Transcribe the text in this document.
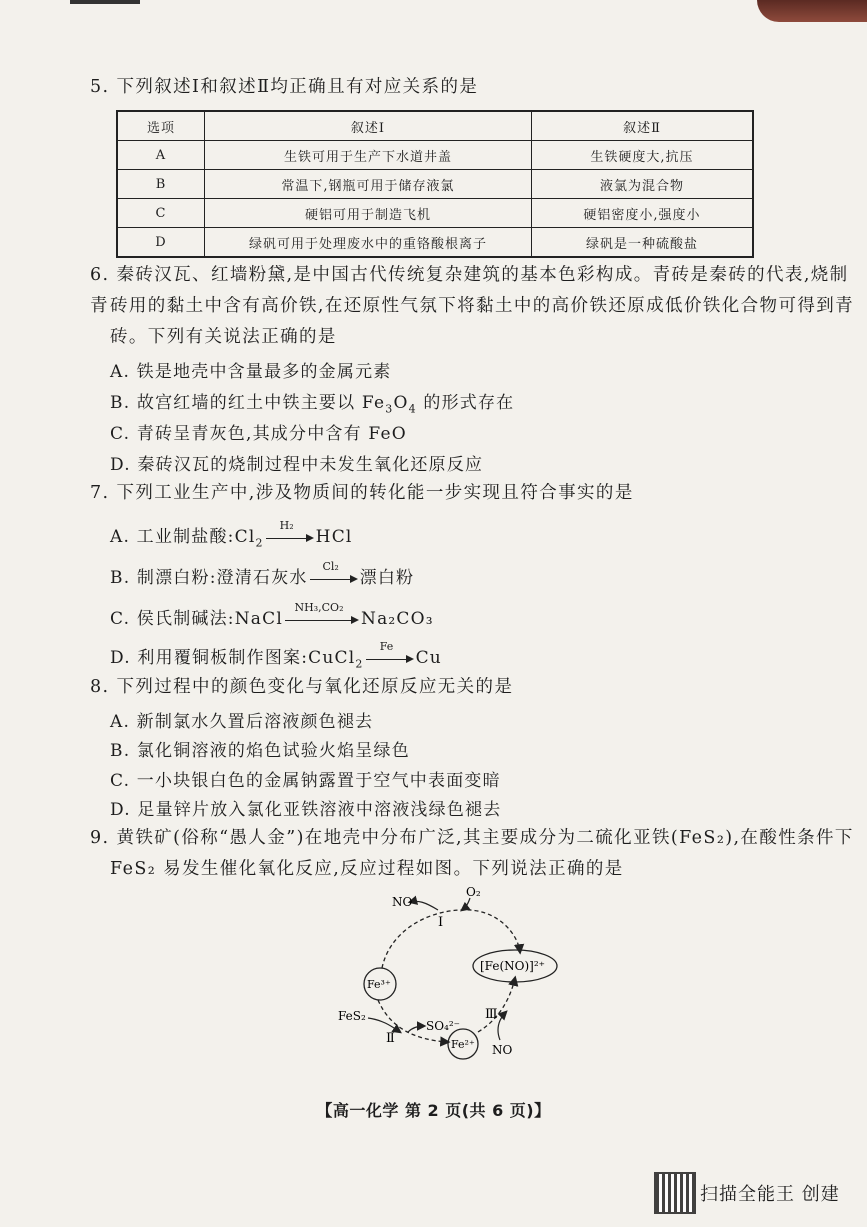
5. 下列叙述Ⅰ和叙述Ⅱ均正确且有对应关系的是
选项	叙述Ⅰ	叙述Ⅱ
A	生铁可用于生产下水道井盖	生铁硬度大,抗压
B	常温下,钢瓶可用于储存液氯	液氯为混合物
C	硬铝可用于制造飞机	硬铝密度小,强度小
D	绿矾可用于处理废水中的重铬酸根离子	绿矾是一种硫酸盐
6. 秦砖汉瓦、红墙粉黛,是中国古代传统复杂建筑的基本色彩构成。青砖是秦砖的代表,烧制青 砖用的黏土中含有高价铁,在还原性气氛下将黏土中的高价铁还原成低价铁化合物可得到青
砖。下列有关说法正确的是
A. 铁是地壳中含量最多的金属元素
B. 故宫红墙的红土中铁主要以 $Fe_3O_4$ 的形式存在
C. 青砖呈青灰色,其成分中含有 FeO
D. 秦砖汉瓦的烧制过程中未发生氧化还原反应
7. 下列工业生产中,涉及物质间的转化能一步实现且符合事实的是
A. 工业制盐酸$:Cl_2$
H₂
HCl
B. 制漂白粉:澄清石灰水
Cl₂
漂白粉
C. 侯氏制碱法:NaCl
NH₃,CO₂
Na₂CO₃
D. 利用覆铜板制作图案:CuCl$_2$
Fe
Cu
8. 下列过程中的颜色变化与氧化还原反应无关的是
A. 新制氯水久置后溶液颜色褪去
B. 氯化铜溶液的焰色试验火焰呈绿色
C. 一小块银白色的金属钠露置于空气中表面变暗
D. 足量锌片放入氯化亚铁溶液中溶液浅绿色褪去
9. 黄铁矿(俗称“愚人金”)在地壳中分布广泛,其主要成分为二硫化亚铁(FeS₂),在酸性条件下
FeS₂ 易发生催化氧化反应,反应过程如图。下列说法正确的是
NO
O₂
Ⅰ
[Fe(NO)]²⁺
Fe³⁺
FeS₂
SO₄²⁻
Ⅱ	Fe²⁺
Ⅲ
NO
【高一化学 第 2 页(共 6 页)】
扫描全能王 创建
